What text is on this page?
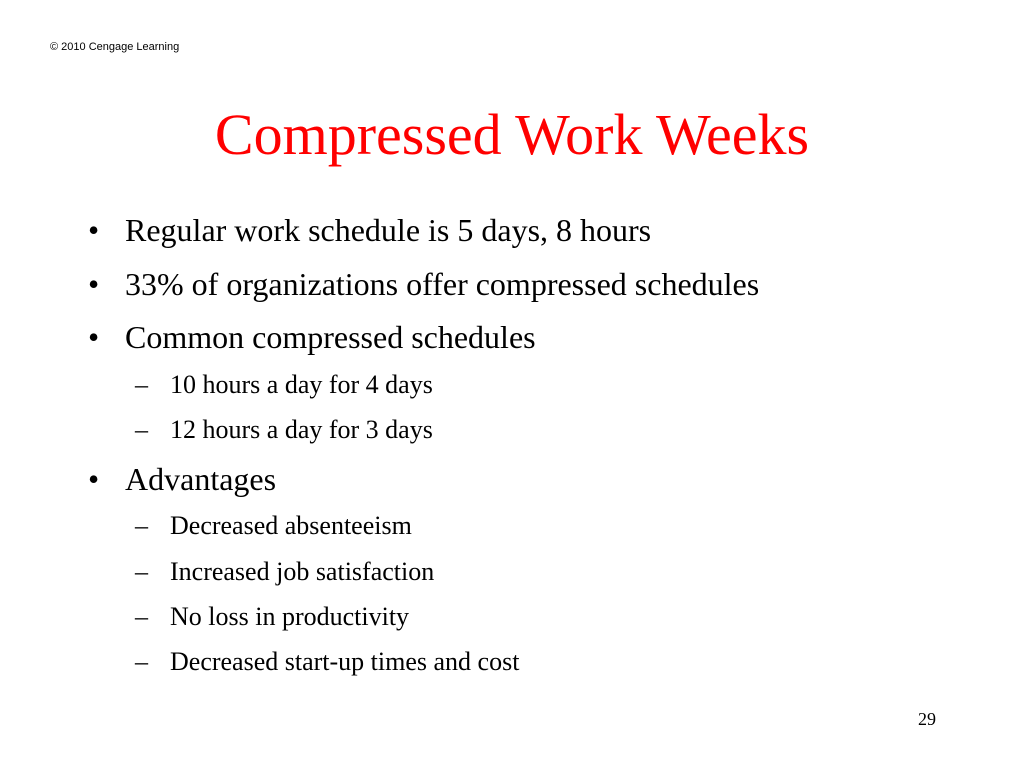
© 2010 Cengage Learning
Compressed Work Weeks
• Regular work schedule is 5 days, 8 hours
• 33% of organizations offer compressed schedules
• Common compressed schedules
– 10 hours a day for 4 days
– 12 hours a day for 3 days
• Advantages
– Decreased absenteeism
– Increased job satisfaction
– No loss in productivity
– Decreased start-up times and cost
29
